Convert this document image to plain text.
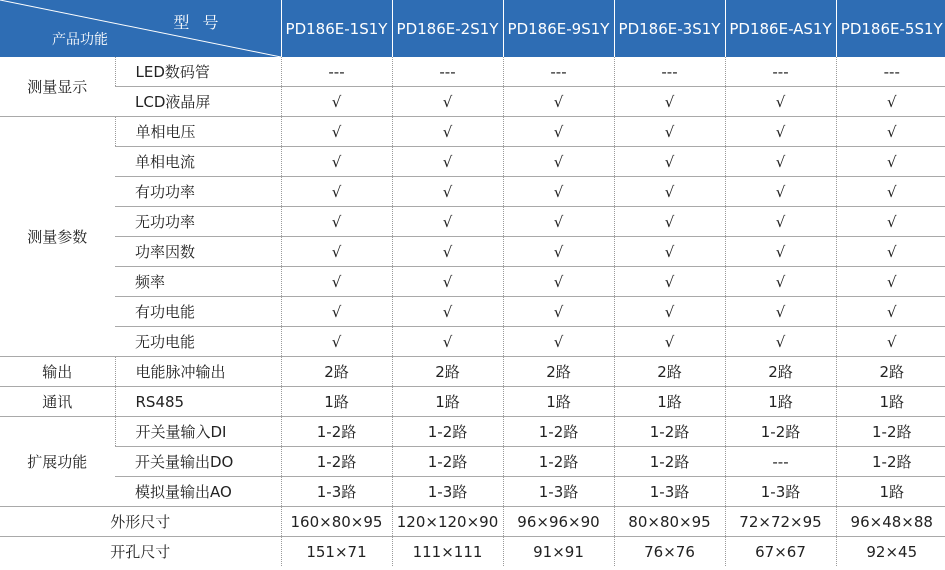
型 号
产品功能		PD186E-1S1Y	PD186E-2S1Y	PD186E-9S1Y	PD186E-3S1Y	PD186E-AS1Y	PD186E-5S1Y
测量显示	LED数码管	---	---	---	---	---	---
	LCD液晶屏	√	√	√	√	√	√
测量参数	单相电压	√	√	√	√	√	√
	单相电流	√	√	√	√	√	√
	有功功率	√	√	√	√	√	√
	无功功率	√	√	√	√	√	√
	功率因数	√	√	√	√	√	√
	频率	√	√	√	√	√	√
	有功电能	√	√	√	√	√	√
	无功电能	√	√	√	√	√	√
输出	电能脉冲输出	2路	2路	2路	2路	2路	2路
通讯	RS485	1路	1路	1路	1路	1路	1路
扩展功能	开关量输入DI	1-2路	1-2路	1-2路	1-2路	1-2路	1-2路
	开关量输出DO	1-2路	1-2路	1-2路	1-2路	---	1-2路
	模拟量输出AO	1-3路	1-3路	1-3路	1-3路	1-3路	1路
外形尺寸		160×80×95	120×120×90	96×96×90	80×80×95	72×72×95	96×48×88
开孔尺寸		151×71	111×111	91×91	76×76	67×67	92×45
